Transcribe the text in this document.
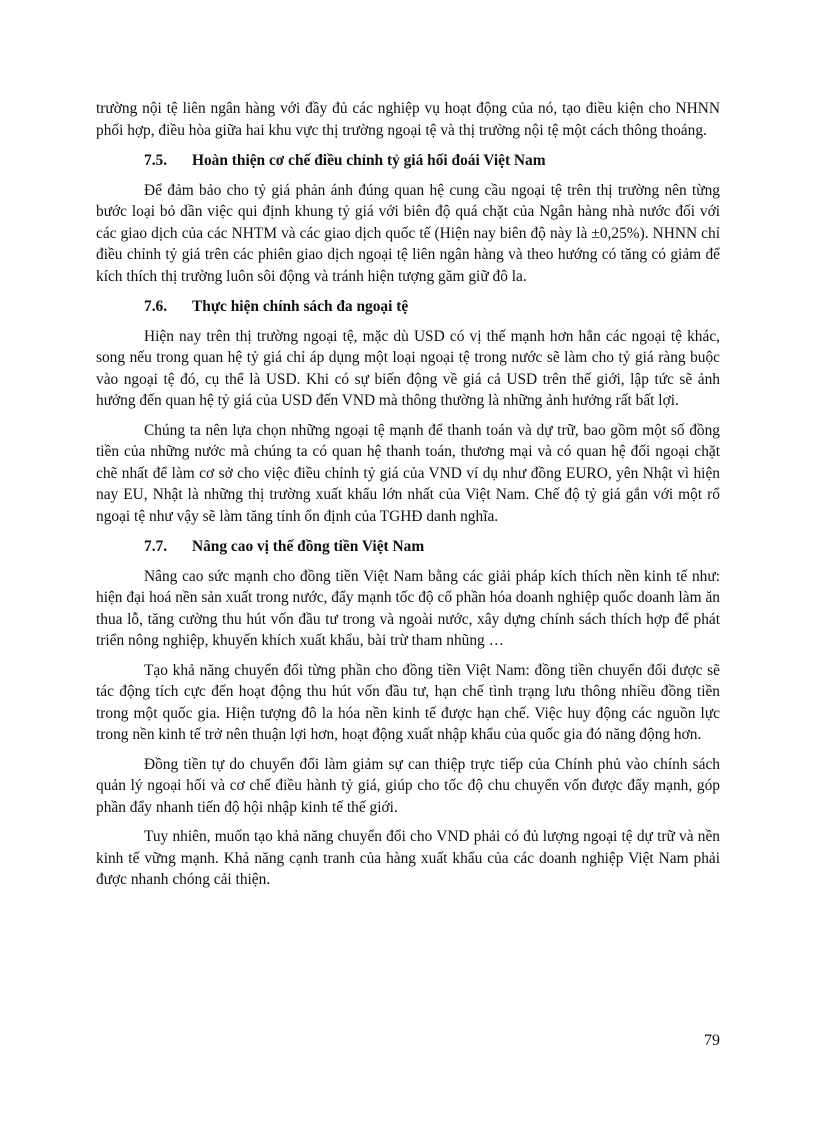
trường nội tệ liên ngân hàng với đầy đủ các nghiệp vụ hoạt động của nó, tạo điều kiện cho NHNN phối hợp, điều hòa giữa hai khu vực thị trường ngoại tệ và thị trường nội tệ một cách thông thoáng.

7.5.	Hoàn thiện cơ chế điều chỉnh tỷ giá hối đoái Việt Nam

Để đảm bảo cho tỷ giá phản ánh đúng quan hệ cung cầu ngoại tệ trên thị trường nên từng bước loại bỏ dần việc qui định khung tỷ giá với biên độ quá chặt của Ngân hàng nhà nước đối với các giao dịch của các NHTM và các giao dịch quốc tế (Hiện nay biên độ này là ±0,25%). NHNN chỉ điều chỉnh tỷ giá trên các phiên giao dịch ngoại tệ liên ngân hàng và theo hướng có tăng có giảm để kích thích thị trường luôn sôi động và tránh hiện tượng găm giữ đô la.

7.6.	Thực hiện chính sách đa ngoại tệ

Hiện nay trên thị trường ngoại tệ, mặc dù USD có vị thế mạnh hơn hẳn các ngoại tệ khác, song nếu trong quan hệ tỷ giá chỉ áp dụng một loại ngoại tệ trong nước sẽ làm cho tỷ giá ràng buộc vào ngoại tệ đó, cụ thể là USD. Khi có sự biến động về giá cả USD trên thế giới, lập tức sẽ ảnh hưởng đến quan hệ tỷ giá của USD đến VND mà thông thường là những ảnh hưởng rất bất lợi.

Chúng ta nên lựa chọn những ngoại tệ mạnh để thanh toán và dự trữ, bao gồm một số đồng tiền của những nước mà chúng ta có quan hệ thanh toán, thương mại và có quan hệ đối ngoại chặt chẽ nhất để làm cơ sở cho việc điều chỉnh tỷ giá của VND ví dụ như đồng EURO, yên Nhật vì hiện nay EU, Nhật là những thị trường xuất khẩu lớn nhất của Việt Nam. Chế độ tỷ giá gắn với một rổ ngoại tệ như vậy sẽ làm tăng tính ổn định của TGHĐ danh nghĩa.

7.7.	Nâng cao vị thế đồng tiền Việt Nam

Nâng cao sức mạnh cho đồng tiền Việt Nam bằng các giải pháp kích thích nền kinh tế như: hiện đại hoá nền sản xuất trong nước, đẩy mạnh tốc độ cổ phần hóa doanh nghiệp quốc doanh làm ăn thua lỗ, tăng cường thu hút vốn đầu tư trong và ngoài nước, xây dựng chính sách thích hợp để phát triển nông nghiệp, khuyến khích xuất khẩu, bài trừ tham nhũng …

Tạo khả năng chuyển đổi từng phần cho đồng tiền Việt Nam: đồng tiền chuyển đổi được sẽ tác động tích cực đến hoạt động thu hút vốn đầu tư, hạn chế tình trạng lưu thông nhiều đồng tiền trong một quốc gia. Hiện tượng đô la hóa nền kinh tế được hạn chế. Việc huy động các nguồn lực trong nền kinh tế trở nên thuận lợi hơn, hoạt động xuất nhập khẩu của quốc gia đó năng động hơn.

Đồng tiền tự do chuyển đổi làm giảm sự can thiệp trực tiếp của Chính phủ vào chính sách quản lý ngoại hối và cơ chế điều hành tỷ giá, giúp cho tốc độ chu chuyển vốn được đẩy mạnh, góp phần đẩy nhanh tiến độ hội nhập kinh tế thế giới.

Tuy nhiên, muốn tạo khả năng chuyển đổi cho VND phải có đủ lượng ngoại tệ dự trữ và nền kinh tế vững mạnh. Khả năng cạnh tranh của hàng xuất khẩu của các doanh nghiệp Việt Nam phải được nhanh chóng cải thiện.

79
